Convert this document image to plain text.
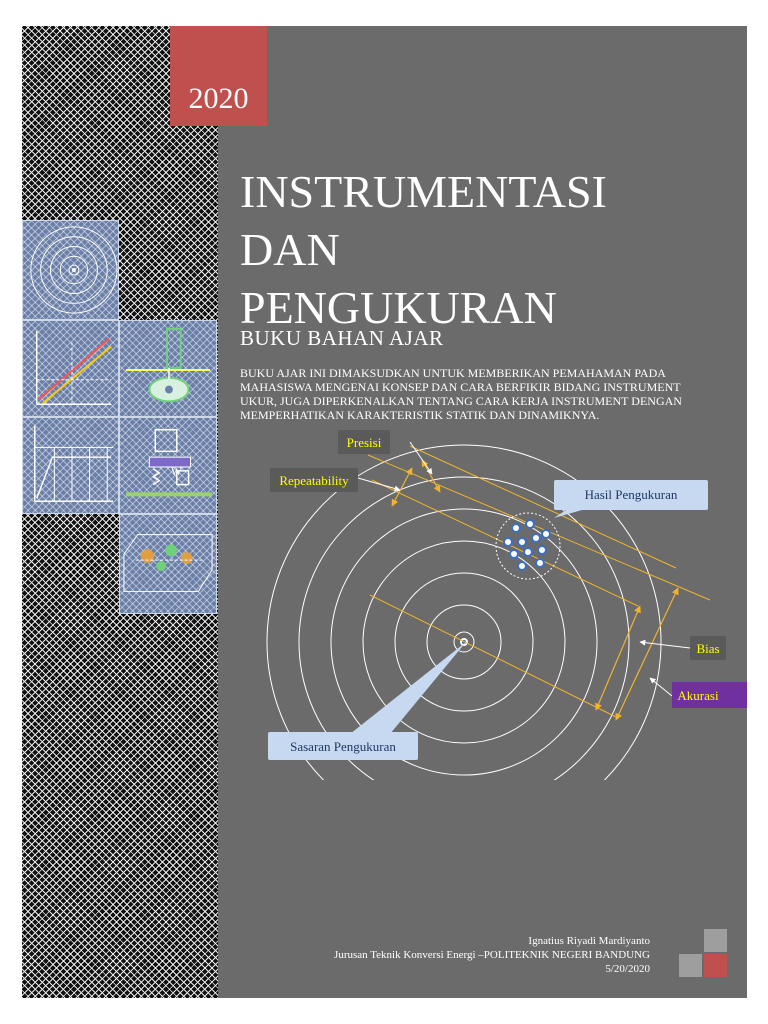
2020
W
INSTRUMENTASI
DAN
PENGUKURAN
BUKU BAHAN AJAR
BUKU AJAR INI DIMAKSUDKAN UNTUK MEMBERIKAN PEMAHAMAN PADA MAHASISWA MENGENAI KONSEP DAN CARA BERFIKIR BIDANG INSTRUMENT UKUR, JUGA DIPERKENALKAN TENTANG CARA KERJA INSTRUMENT DENGAN MEMPERHATIKAN KARAKTERISTIK STATIK DAN DINAMIKNYA.
Hasil Pengukuran
Sasaran Pengukuran
Presisi
Repeatability
Bias
Akurasi
Ignatius Riyadi Mardiyanto
Jurusan Teknik Konversi Energi –POLITEKNIK NEGERI BANDUNG
5/20/2020
